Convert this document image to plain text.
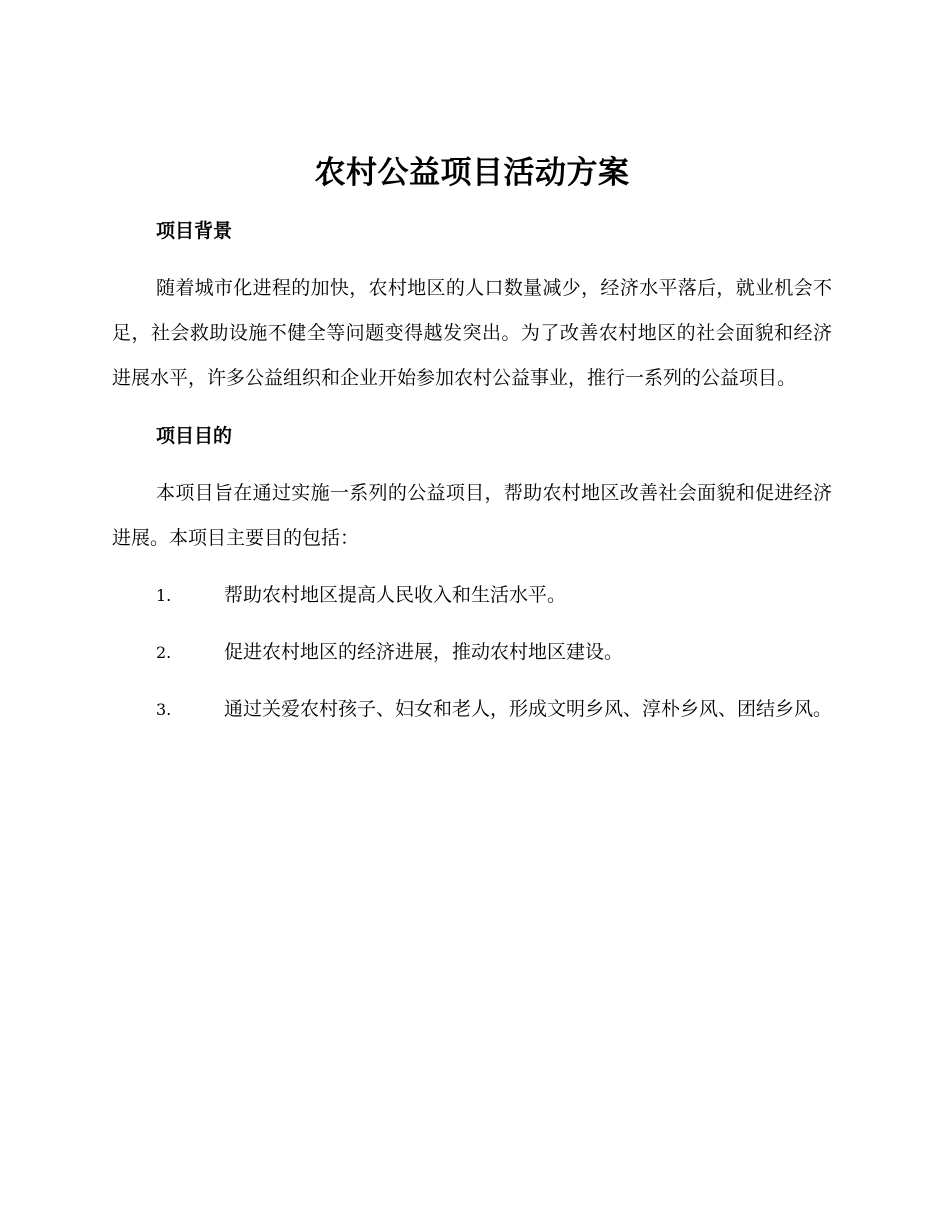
农村公益项目活动方案
项目背景

随着城市化进程的加快，农村地区的人口数量减少，经济水平落后，就业机会不足，社会救助设施不健全等问题变得越发突出。为了改善农村地区的社会面貌和经济进展水平，许多公益组织和企业开始参加农村公益事业，推行一系列的公益项目。

项目目的

本项目旨在通过实施一系列的公益项目，帮助农村地区改善社会面貌和促进经济进展。本项目主要目的包括：

1.	帮助农村地区提高人民收入和生活水平。

2.	促进农村地区的经济进展，推动农村地区建设。

3.	通过关爱农村孩子、妇女和老人，形成文明乡风、淳朴乡风、团结乡风。
